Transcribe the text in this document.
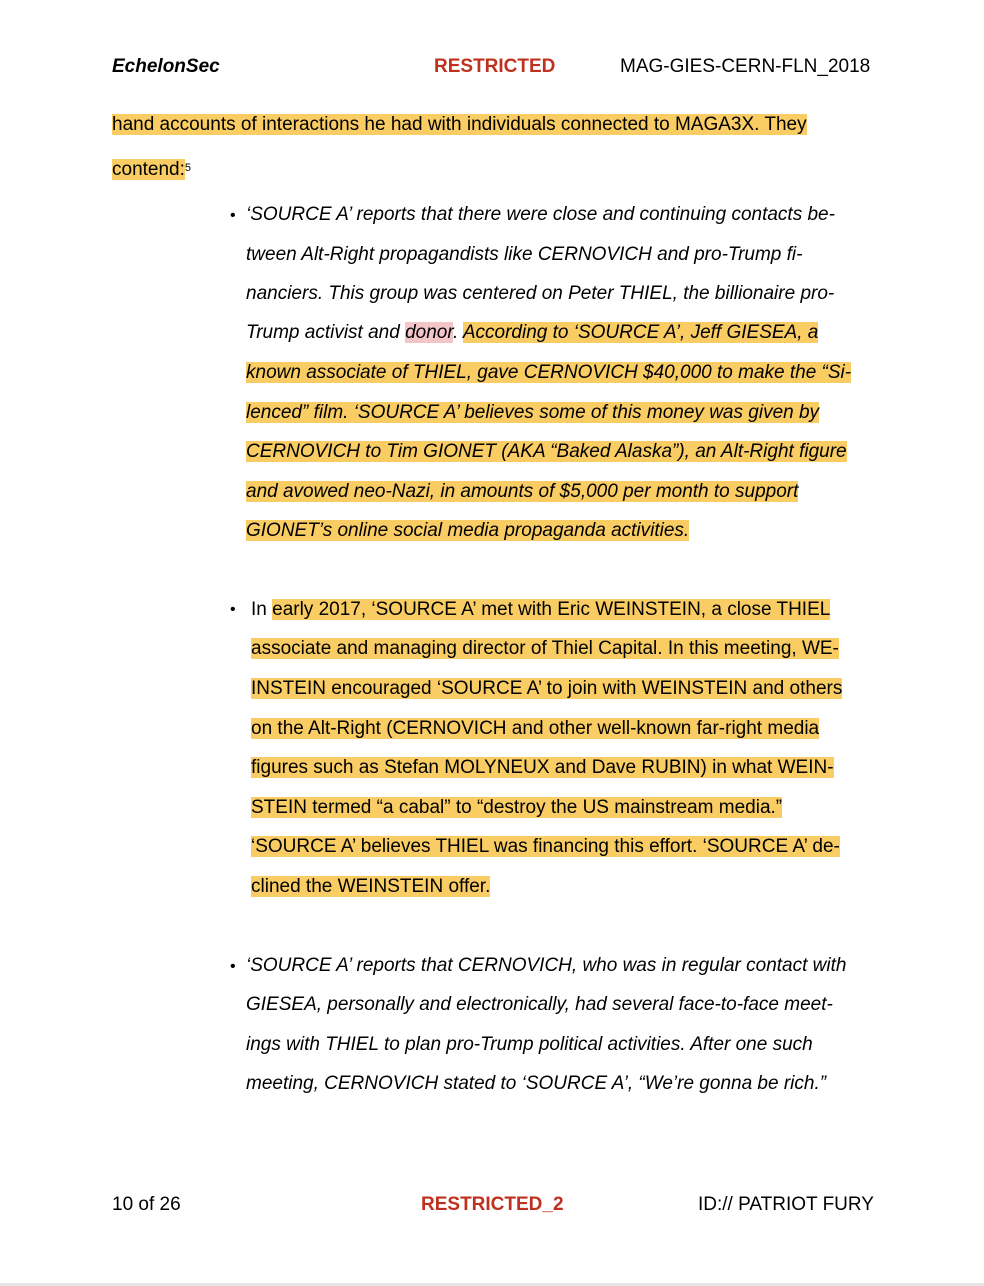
EchelonSec	RESTRICTED	MAG-GIES-CERN-FLN_2018
hand accounts of interactions he had with individuals connected to MAGA3X. They
contend:$^5$
• ‘SOURCE A’ reports that there were close and continuing contacts be-
tween Alt-Right propagandists like CERNOVICH and pro-Trump fi-
nanciers. This group was centered on Peter THIEL, the billionaire pro-
Trump activist and donor. According to ‘SOURCE A’, Jeff GIESEA, a
known associate of THIEL, gave CERNOVICH $40,000 to make the “Si-
lenced” film. ‘SOURCE A’ believes some of this money was given by
CERNOVICH to Tim GIONET (AKA “Baked Alaska”), an Alt-Right figure
and avowed neo-Nazi, in amounts of $5,000 per month to support
GIONET’s online social media propaganda activities.
• In early 2017, ‘SOURCE A’ met with Eric WEINSTEIN, a close THIEL
associate and managing director of Thiel Capital. In this meeting, WE-
INSTEIN encouraged ‘SOURCE A’ to join with WEINSTEIN and others
on the Alt-Right (CERNOVICH and other well-known far-right media
figures such as Stefan MOLYNEUX and Dave RUBIN) in what WEIN-
STEIN termed “a cabal” to “destroy the US mainstream media.”
‘SOURCE A’ believes THIEL was financing this effort. ‘SOURCE A’ de-
clined the WEINSTEIN offer.
• ‘SOURCE A’ reports that CERNOVICH, who was in regular contact with
GIESEA, personally and electronically, had several face-to-face meet-
ings with THIEL to plan pro-Trump political activities. After one such
meeting, CERNOVICH stated to ‘SOURCE A’, “We’re gonna be rich.”
10 of 26	RESTRICTED_2	ID:// PATRIOT FURY
